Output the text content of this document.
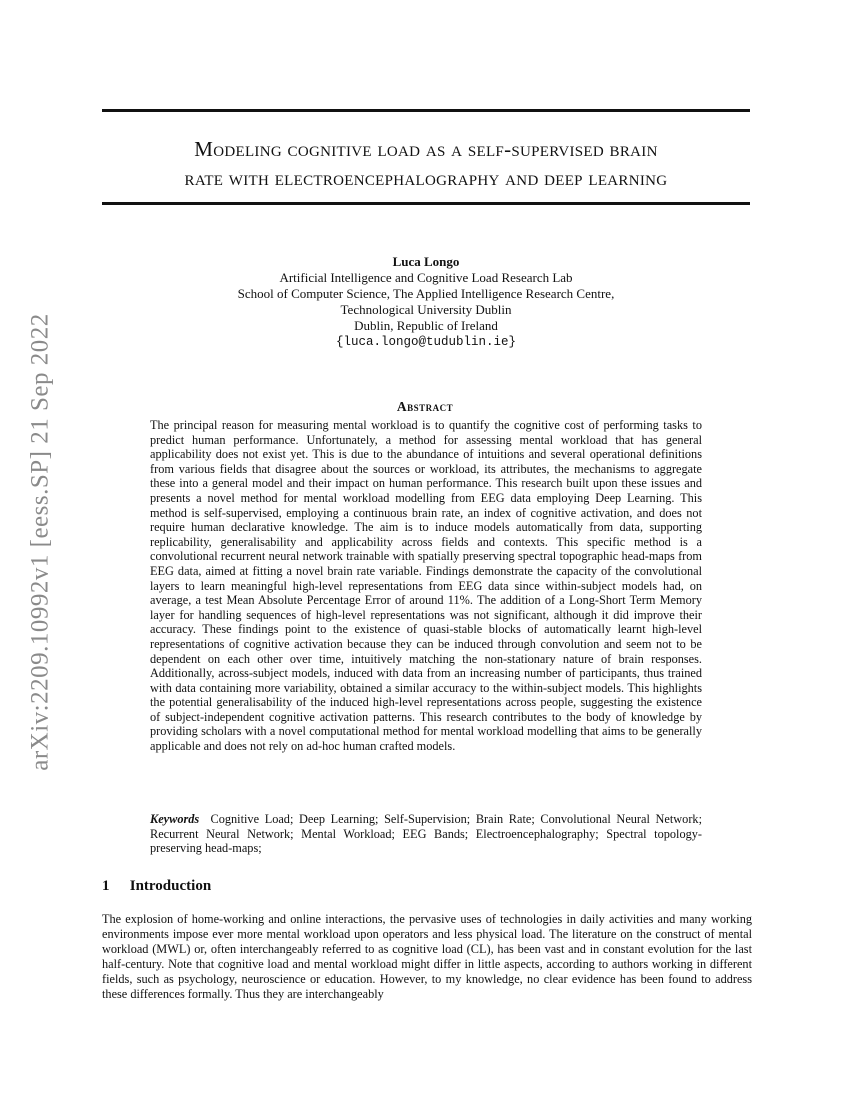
arXiv:2209.10992v1 [eess.SP] 21 Sep 2022
Modeling cognitive load as a self-supervised brain
rate with electroencephalography and deep learning
Luca Longo
Artificial Intelligence and Cognitive Load Research Lab
School of Computer Science, The Applied Intelligence Research Centre,
Technological University Dublin
Dublin, Republic of Ireland
{luca.longo@tudublin.ie}
Abstract

The principal reason for measuring mental workload is to quantify the cognitive cost of performing tasks to predict human performance. Unfortunately, a method for assessing mental workload that has general applicability does not exist yet. This is due to the abundance of intuitions and several operational definitions from various fields that disagree about the sources or workload, its attributes, the mechanisms to aggregate these into a general model and their impact on human performance. This research built upon these issues and presents a novel method for mental workload modelling from EEG data employing Deep Learning. This method is self-supervised, employing a continuous brain rate, an index of cognitive activation, and does not require human declarative knowledge. The aim is to induce models automatically from data, supporting replicability, generalisability and applicability across fields and contexts. This specific method is a convolutional recurrent neural network trainable with spatially preserving spectral topographic head-maps from EEG data, aimed at fitting a novel brain rate variable. Findings demonstrate the capacity of the convolutional layers to learn meaningful high-level representations from EEG data since within-subject models had, on average, a test Mean Absolute Percentage Error of around 11%. The addition of a Long-Short Term Memory layer for handling sequences of high-level representations was not significant, although it did improve their accuracy. These findings point to the existence of quasi-stable blocks of automatically learnt high-level representations of cognitive activation because they can be induced through convolution and seem not to be dependent on each other over time, intuitively matching the non-stationary nature of brain responses. Additionally, across-subject models, induced with data from an increasing number of participants, thus trained with data containing more variability, obtained a similar accuracy to the within-subject models. This highlights the potential generalisability of the induced high-level representations across people, suggesting the existence of subject-independent cognitive activation patterns. This research contributes to the body of knowledge by providing scholars with a novel computational method for mental workload modelling that aims to be generally applicable and does not rely on ad-hoc human crafted models.

Keywords Cognitive Load; Deep Learning; Self-Supervision; Brain Rate; Convolutional Neural Network; Recurrent Neural Network; Mental Workload; EEG Bands; Electroencephalography; Spectral topology-preserving head-maps;

1 Introduction

The explosion of home-working and online interactions, the pervasive uses of technologies in daily activities and many working environments impose ever more mental workload upon operators and less physical load. The literature on the construct of mental workload (MWL) or, often interchangeably referred to as cognitive load (CL), has been vast and in constant evolution for the last half-century. Note that cognitive load and mental workload might differ in little aspects, according to authors working in different fields, such as psychology, neuroscience or education. However, to my knowledge, no clear evidence has been found to address these differences formally. Thus they are interchangeably
